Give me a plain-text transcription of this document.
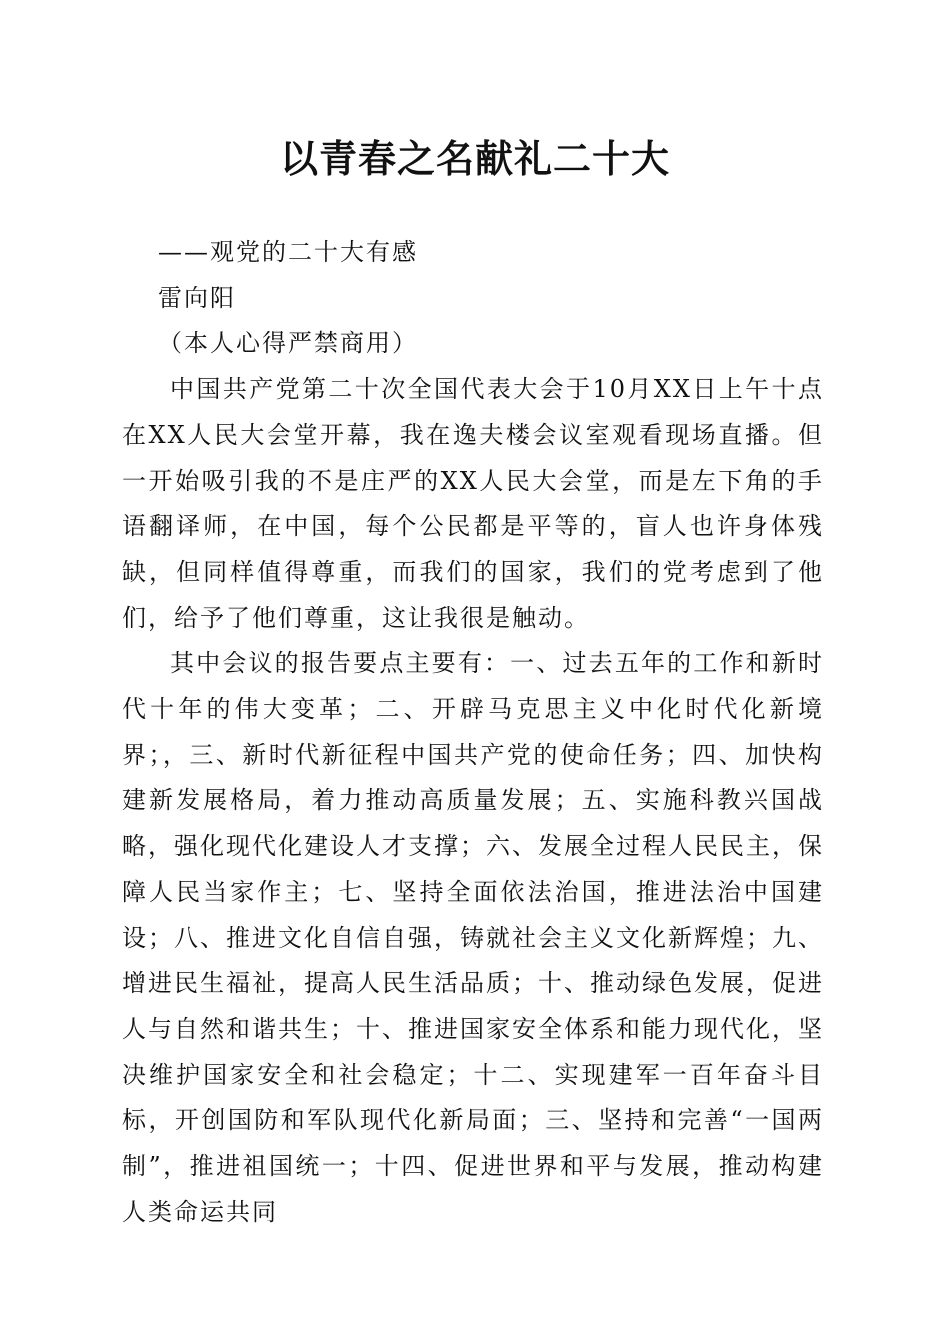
以青春之名献礼二十大
——观党的二十大有感
雷向阳
（本人心得严禁商用）

中国共产党第二十次全国代表大会于10月XX日上午十点在XX人民大会堂开幕，我在逸夫楼会议室观看现场直播。但一开始吸引我的不是庄严的XX人民大会堂，而是左下角的手语翻译师，在中国，每个公民都是平等的，盲人也许身体残缺，但同样值得尊重，而我们的国家，我们的党考虑到了他们，给予了他们尊重，这让我很是触动。

其中会议的报告要点主要有：一、过去五年的工作和新时代十年的伟大变革；二、开辟马克思主义中化时代化新境界；，三、新时代新征程中国共产党的使命任务；四、加快构建新发展格局，着力推动高质量发展；五、实施科教兴国战略，强化现代化建设人才支撑；六、发展全过程人民民主，保障人民当家作主；七、坚持全面依法治国，推进法治中国建设；八、推进文化自信自强，铸就社会主义文化新辉煌；九、增进民生福祉，提高人民生活品质；十、推动绿色发展，促进人与自然和谐共生；十、推进国家安全体系和能力现代化，坚决维护国家安全和社会稳定；十二、实现建军一百年奋斗目标，开创国防和军队现代化新局面；三、坚持和完善“一国两制”，推进祖国统一；十四、促进世界和平与发展，推动构建人类命运共同
